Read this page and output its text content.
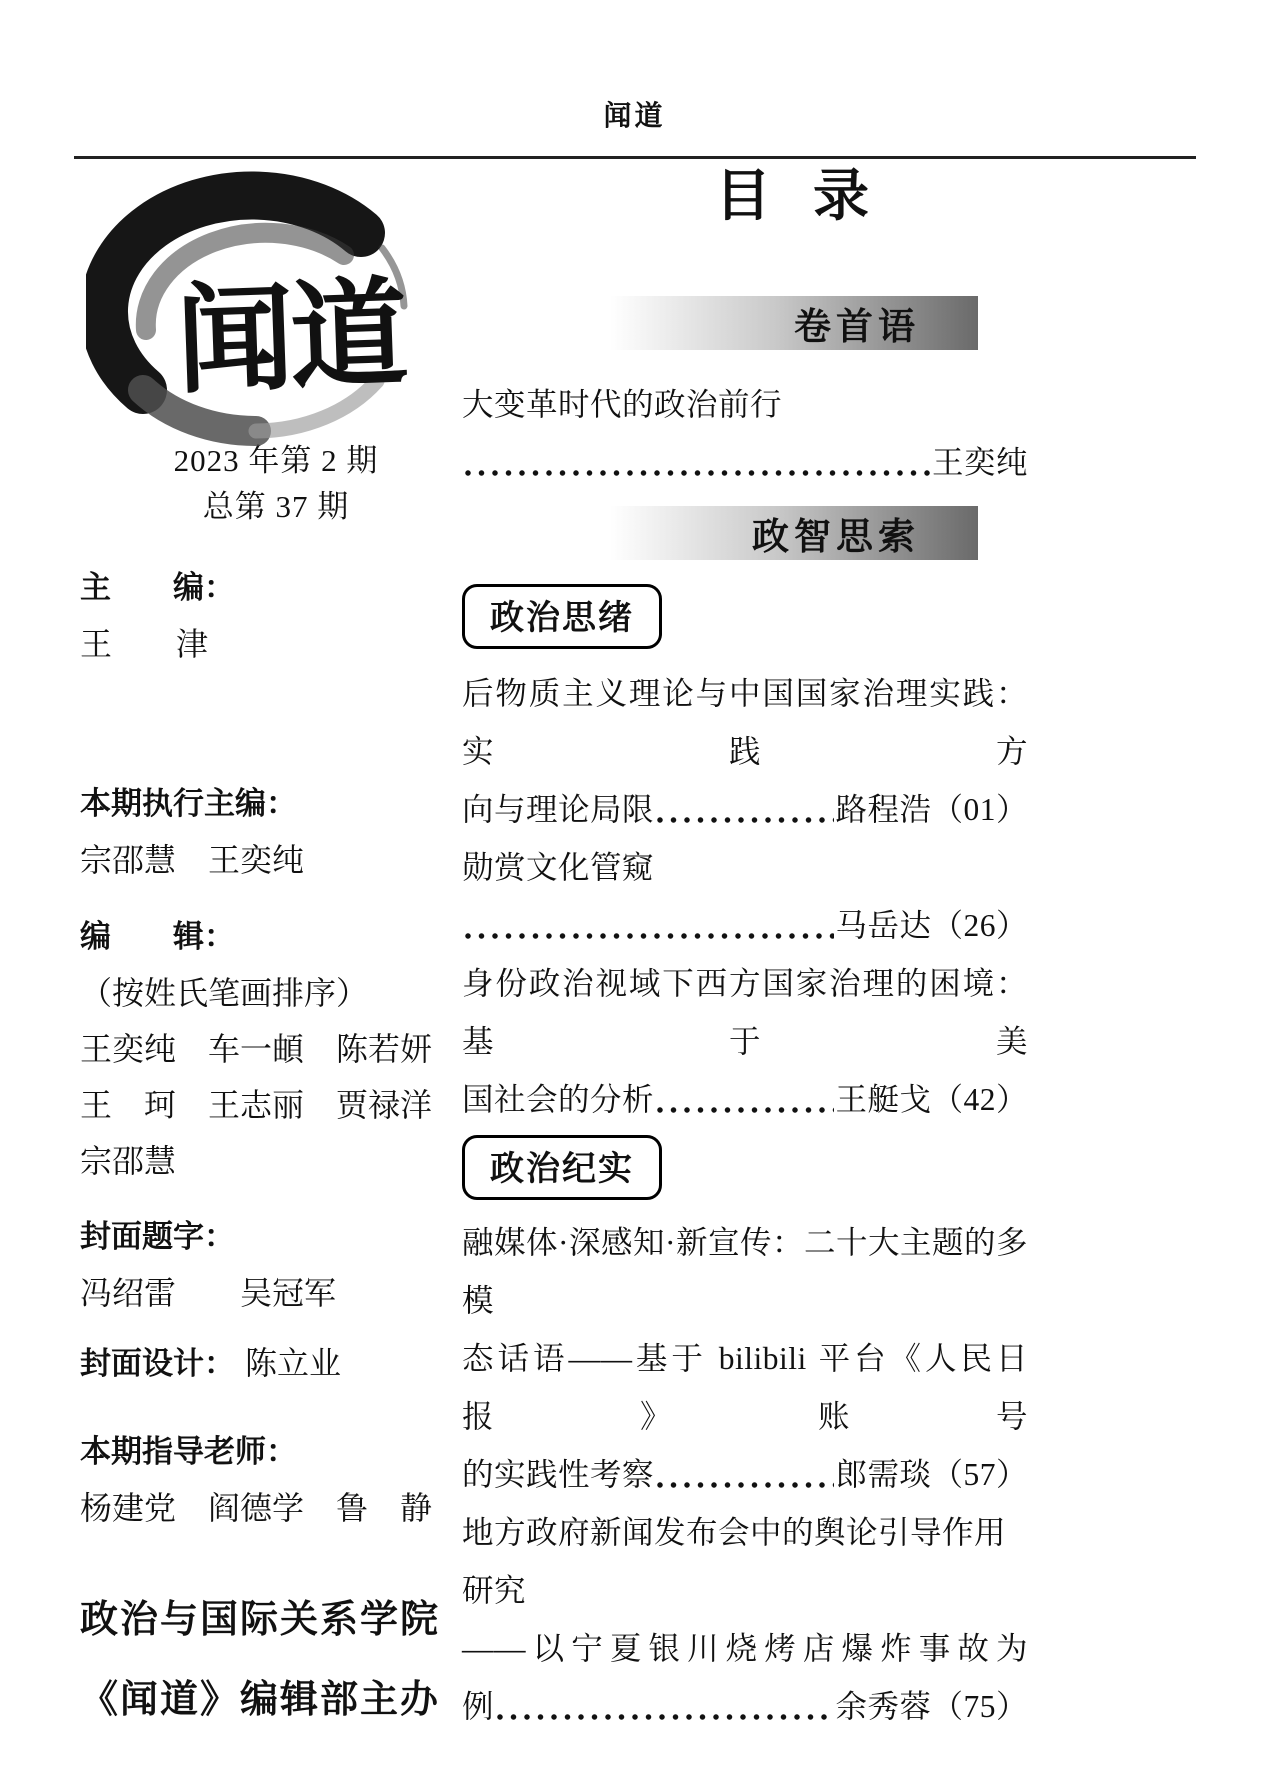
闻道
闻道
2023 年第 2 期
总第 37 期
主　　编：
王　　津
本期执行主编：
宗邵慧　王奕纯
编　　辑：
（按姓氏笔画排序）
王奕纯　车一頔　陈若妍
王　珂　王志丽　贾禄洋
宗邵慧
封面题字：
冯绍雷　　吴冠军
封面设计： 陈立业
本期指导老师：
杨建党　阎德学　鲁　静
政治与国际关系学院
《闻道》编辑部主办
目 录
卷首语
大变革时代的政治前行
王奕纯
政智思索
政治思绪
后物质主义理论与中国国家治理实践：实践方
向与理论局限	路程浩 （01）
勋赏文化管窥
马岳达 （26）
身份政治视域下西方国家治理的困境：基于美
国社会的分析	王艇戈 （42）
政治纪实
融媒体·深感知·新宣传：二十大主题的多模
态话语——基于 bilibili 平台《人民日报》账号
的实践性考察	郎需琰 （57）
地方政府新闻发布会中的舆论引导作用研究
——以宁夏银川烧烤店爆炸事故为
例	余秀蓉 （75）
